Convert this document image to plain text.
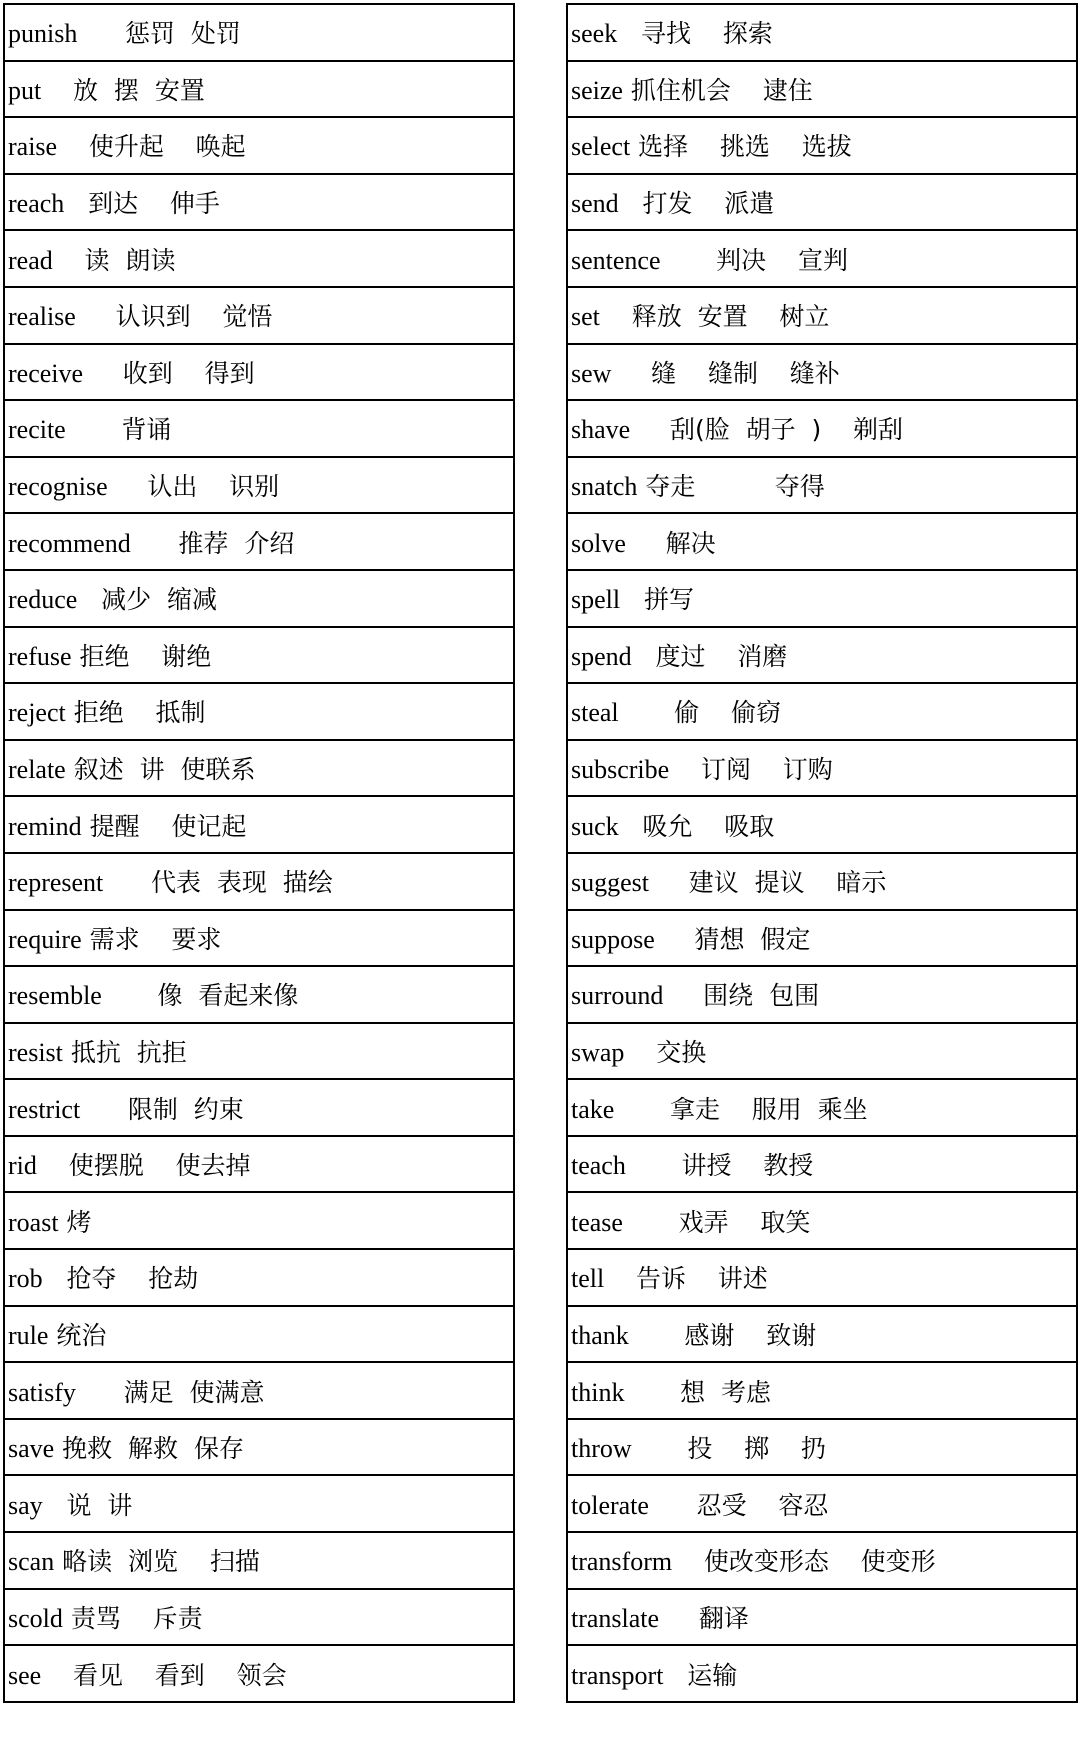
punish 惩罚  处罚
put 放  摆  安置
raise 使升起    唤起
reach 到达    伸手
read 读  朗读
realise 认识到    觉悟
receive 收到    得到
recite 背诵
recognise 认出    识别
recommend 推荐  介绍
reduce 减少  缩减
refuse 拒绝    谢绝
reject 拒绝    抵制
relate 叙述  讲  使联系
remind 提醒    使记起
represent 代表  表现  描绘
require 需求    要求
resemble 像  看起来像
resist 抵抗  抗拒
restrict 限制  约束
rid 使摆脱    使去掉
roast 烤
rob 抢夺    抢劫
rule 统治
satisfy 满足  使满意
save 挽救  解救  保存
say 说  讲
scan 略读  浏览    扫描
scold 责骂    斥责
see 看见    看到    领会
seek 寻找    探索
seize 抓住机会    逮住
select 选择    挑选    选拔
send 打发    派遣
sentence 判决    宣判
set 释放  安置    树立
sew 缝    缝制    缝补
shave 刮(脸  胡子  )    剃刮
snatch 夺走          夺得
solve 解决
spell 拼写
spend 度过    消磨
steal 偷    偷窃
subscribe 订阅    订购
suck 吸允    吸取
suggest 建议  提议    暗示
suppose 猜想  假定
surround 围绕  包围
swap 交换
take 拿走    服用  乘坐
teach 讲授    教授
tease 戏弄    取笑
tell 告诉    讲述
thank 感谢    致谢
think 想  考虑
throw 投    掷    扔
tolerate 忍受    容忍
transform 使改变形态    使变形
translate 翻译
transport 运输
